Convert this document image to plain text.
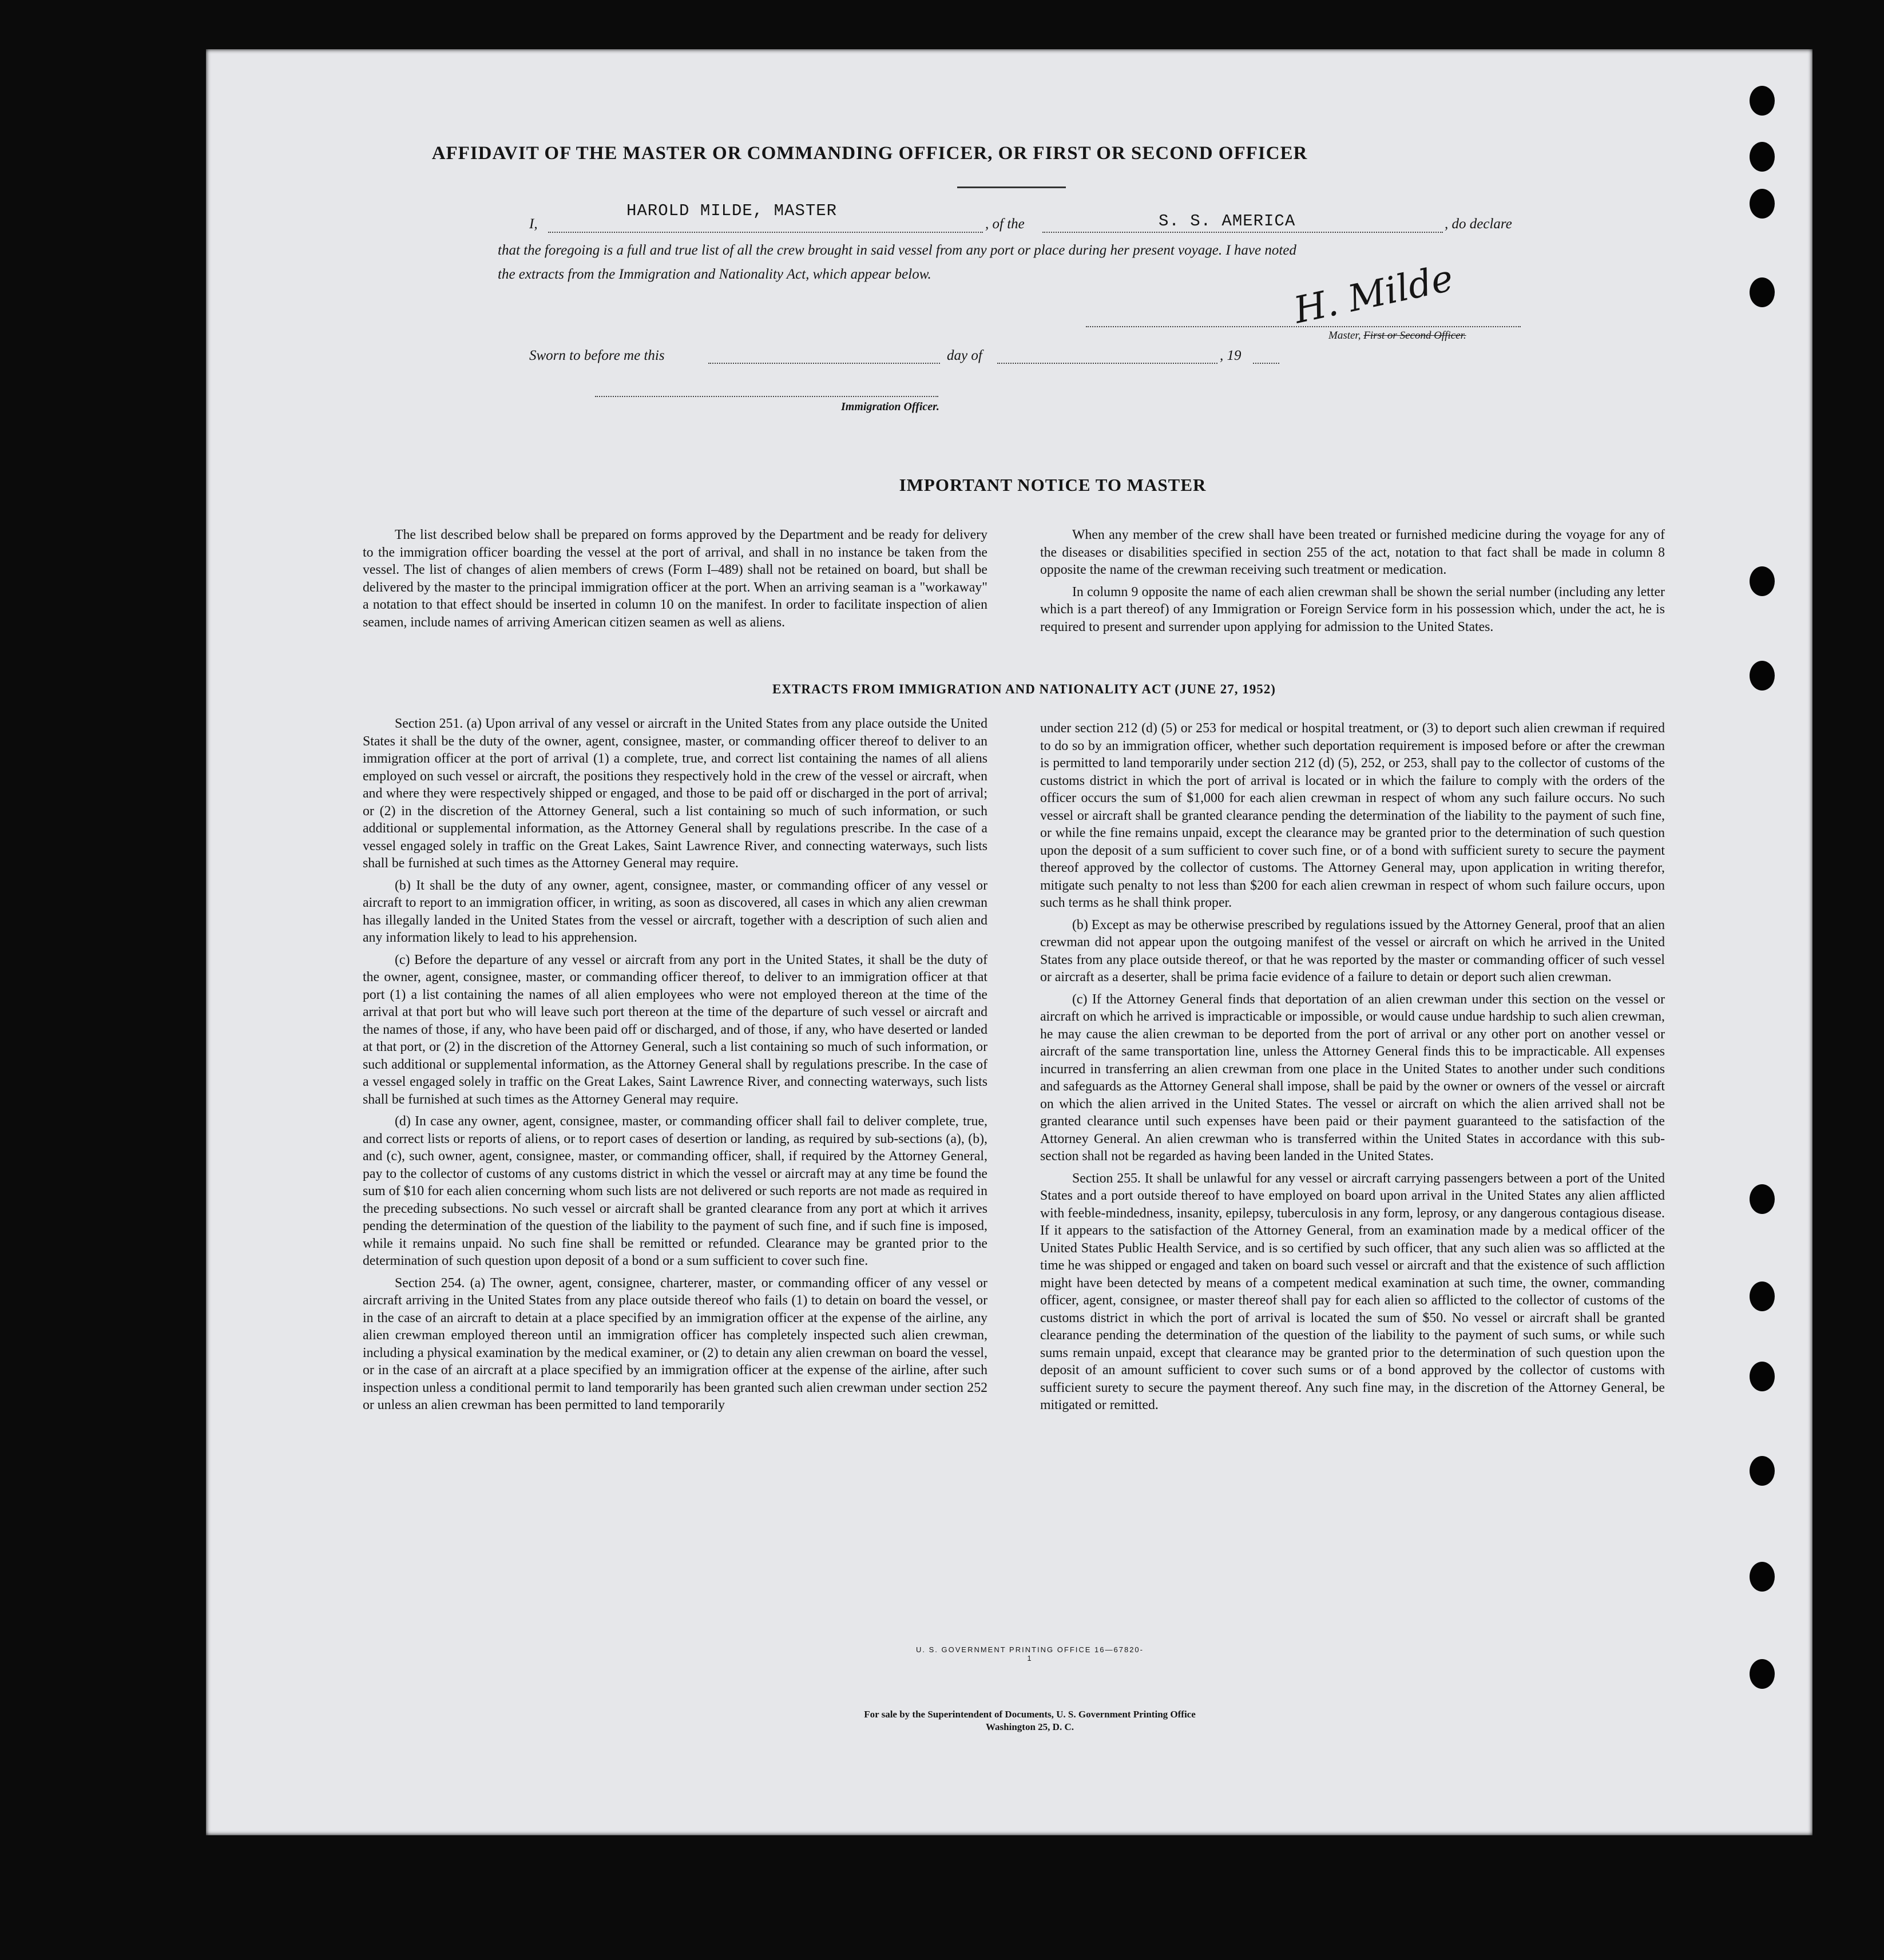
AFFIDAVIT OF THE MASTER OR COMMANDING OFFICER, OR FIRST OR SECOND OFFICER
I,
HAROLD MILDE, MASTER
, of the	S. S. AMERICA	, do declare
that the foregoing is a full and true list of all the crew brought in said vessel from any port or place during her present voyage. I have noted
the extracts from the Immigration and Nationality Act, which appear below.	H. Milde
Master, First or Second Officer.
Sworn to before me this	day of	, 19
Immigration Officer.
IMPORTANT NOTICE TO MASTER

The list described below shall be prepared on forms approved by the Department and be ready for delivery to the immigration officer boarding the vessel at the port of arrival, and shall in no instance be taken from the vessel. The list of changes of alien members of crews (Form I–489) shall not be retained on board, but shall be delivered by the master to the principal immigration officer at the port. When an arriving seaman is a "workaway" a notation to that effect should be inserted in column 10 on the manifest. In order to facilitate inspection of alien seamen, include names of arriving American citizen seamen as well as aliens.

When any member of the crew shall have been treated or furnished medicine during the voyage for any of the diseases or disabilities specified in section 255 of the act, notation to that fact shall be made in column 8 opposite the name of the crewman receiving such treatment or medication.

In column 9 opposite the name of each alien crewman shall be shown the serial number (including any letter which is a part thereof) of any Immigration or Foreign Service form in his possession which, under the act, he is required to present and surrender upon applying for admission to the United States.

EXTRACTS FROM IMMIGRATION AND NATIONALITY ACT (JUNE 27, 1952)

Section 251. (a) Upon arrival of any vessel or aircraft in the United States from any place outside the United States it shall be the duty of the owner, agent, consignee, master, or commanding officer thereof to deliver to an immigration officer at the port of arrival (1) a complete, true, and correct list containing the names of all aliens employed on such vessel or aircraft, the positions they respectively hold in the crew of the vessel or aircraft, when and where they were respectively shipped or engaged, and those to be paid off or discharged in the port of arrival; or (2) in the discretion of the Attorney General, such a list containing so much of such information, or such additional or supplemental information, as the Attorney General shall by regulations prescribe. In the case of a vessel engaged solely in traffic on the Great Lakes, Saint Lawrence River, and connecting waterways, such lists shall be furnished at such times as the Attorney General may require.

(b) It shall be the duty of any owner, agent, consignee, master, or commanding officer of any vessel or aircraft to report to an immigration officer, in writing, as soon as discovered, all cases in which any alien crewman has illegally landed in the United States from the vessel or aircraft, together with a description of such alien and any information likely to lead to his apprehension.

(c) Before the departure of any vessel or aircraft from any port in the United States, it shall be the duty of the owner, agent, consignee, master, or commanding officer thereof, to deliver to an immigration officer at that port (1) a list containing the names of all alien employees who were not employed thereon at the time of the arrival at that port but who will leave such port thereon at the time of the departure of such vessel or aircraft and the names of those, if any, who have been paid off or discharged, and of those, if any, who have deserted or landed at that port, or (2) in the discretion of the Attorney General, such a list containing so much of such information, or such additional or supplemental information, as the Attorney General shall by regulations prescribe. In the case of a vessel engaged solely in traffic on the Great Lakes, Saint Lawrence River, and connecting waterways, such lists shall be furnished at such times as the Attorney General may require.

(d) In case any owner, agent, consignee, master, or commanding officer shall fail to deliver complete, true, and correct lists or reports of aliens, or to report cases of desertion or landing, as required by sub-sections (a), (b), and (c), such owner, agent, consignee, master, or commanding officer, shall, if required by the Attorney General, pay to the collector of customs of any customs district in which the vessel or aircraft may at any time be found the sum of $10 for each alien concerning whom such lists are not delivered or such reports are not made as required in the preceding subsections. No such vessel or aircraft shall be granted clearance from any port at which it arrives pending the determination of the question of the liability to the payment of such fine, and if such fine is imposed, while it remains unpaid. No such fine shall be remitted or refunded. Clearance may be granted prior to the determination of such question upon deposit of a bond or a sum sufficient to cover such fine.

Section 254. (a) The owner, agent, consignee, charterer, master, or commanding officer of any vessel or aircraft arriving in the United States from any place outside thereof who fails (1) to detain on board the vessel, or in the case of an aircraft to detain at a place specified by an immigration officer at the expense of the airline, any alien crewman employed thereon until an immigration officer has completely inspected such alien crewman, including a physical examination by the medical examiner, or (2) to detain any alien crewman on board the vessel, or in the case of an aircraft at a place specified by an immigration officer at the expense of the airline, after such inspection unless a conditional permit to land temporarily has been granted such alien crewman under section 252 or unless an alien crewman has been permitted to land temporarily

under section 212 (d) (5) or 253 for medical or hospital treatment, or (3) to deport such alien crewman if required to do so by an immigration officer, whether such deportation requirement is imposed before or after the crewman is permitted to land temporarily under section 212 (d) (5), 252, or 253, shall pay to the collector of customs of the customs district in which the port of arrival is located or in which the failure to comply with the orders of the officer occurs the sum of $1,000 for each alien crewman in respect of whom any such failure occurs. No such vessel or aircraft shall be granted clearance pending the determination of the liability to the payment of such fine, or while the fine remains unpaid, except the clearance may be granted prior to the determination of such question upon the deposit of a sum sufficient to cover such fine, or of a bond with sufficient surety to secure the payment thereof approved by the collector of customs. The Attorney General may, upon application in writing therefor, mitigate such penalty to not less than $200 for each alien crewman in respect of whom such failure occurs, upon such terms as he shall think proper.

(b) Except as may be otherwise prescribed by regulations issued by the Attorney General, proof that an alien crewman did not appear upon the outgoing manifest of the vessel or aircraft on which he arrived in the United States from any place outside thereof, or that he was reported by the master or commanding officer of such vessel or aircraft as a deserter, shall be prima facie evidence of a failure to detain or deport such alien crewman.

(c) If the Attorney General finds that deportation of an alien crewman under this section on the vessel or aircraft on which he arrived is impracticable or impossible, or would cause undue hardship to such alien crewman, he may cause the alien crewman to be deported from the port of arrival or any other port on another vessel or aircraft of the same transportation line, unless the Attorney General finds this to be impracticable. All expenses incurred in transferring an alien crewman from one place in the United States to another under such conditions and safeguards as the Attorney General shall impose, shall be paid by the owner or owners of the vessel or aircraft on which the alien arrived in the United States. The vessel or aircraft on which the alien arrived shall not be granted clearance until such expenses have been paid or their payment guaranteed to the satisfaction of the Attorney General. An alien crewman who is transferred within the United States in accordance with this sub-section shall not be regarded as having been landed in the United States.

Section 255. It shall be unlawful for any vessel or aircraft carrying passengers between a port of the United States and a port outside thereof to have employed on board upon arrival in the United States any alien afflicted with feeble-mindedness, insanity, epilepsy, tuberculosis in any form, leprosy, or any dangerous contagious disease. If it appears to the satisfaction of the Attorney General, from an examination made by a medical officer of the United States Public Health Service, and is so certified by such officer, that any such alien was so afflicted at the time he was shipped or engaged and taken on board such vessel or aircraft and that the existence of such affliction might have been detected by means of a competent medical examination at such time, the owner, commanding officer, agent, consignee, or master thereof shall pay for each alien so afflicted to the collector of customs of the customs district in which the port of arrival is located the sum of $50. No vessel or aircraft shall be granted clearance pending the determination of the question of the liability to the payment of such sums, or while such sums remain unpaid, except that clearance may be granted prior to the determination of such question upon the deposit of an amount sufficient to cover such sums or of a bond approved by the collector of customs with sufficient surety to secure the payment thereof. Any such fine may, in the discretion of the Attorney General, be mitigated or remitted.

U. S. GOVERNMENT PRINTING OFFICE 16—67820-1
For sale by the Superintendent of Documents, U. S. Government Printing Office
Washington 25, D. C.
